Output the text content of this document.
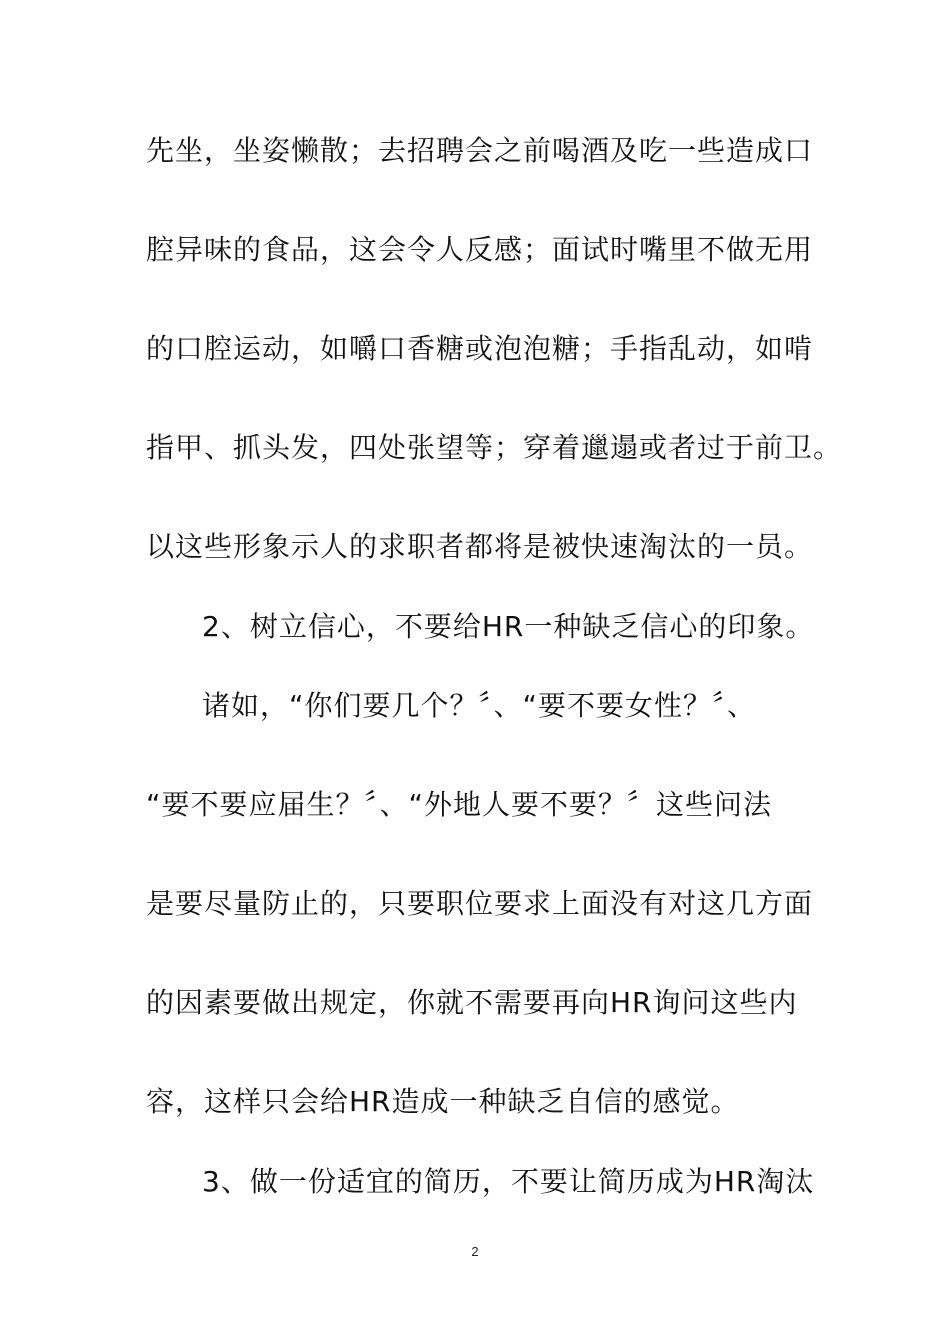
先坐，坐姿懒散；去招聘会之前喝酒及吃一些造成口
腔异味的食品，这会令人反感；面试时嘴里不做无用
的口腔运动，如嚼口香糖或泡泡糖；手指乱动，如啃
指甲、抓头发，四处张望等；穿着邋遢或者过于前卫。
以这些形象示人的求职者都将是被快速淘汰的一员。
2、树立信心，不要给HR一种缺乏信心的印象。
诸如，“你们要几个？〞、“要不要女性？〞、
“要不要应届生？〞、“外地人要不要？〞这些问法
是要尽量防止的，只要职位要求上面没有对这几方面
的因素要做出规定，你就不需要再向HR询问这些内
容，这样只会给HR造成一种缺乏自信的感觉。
3、做一份适宜的简历，不要让简历成为HR淘汰
2
